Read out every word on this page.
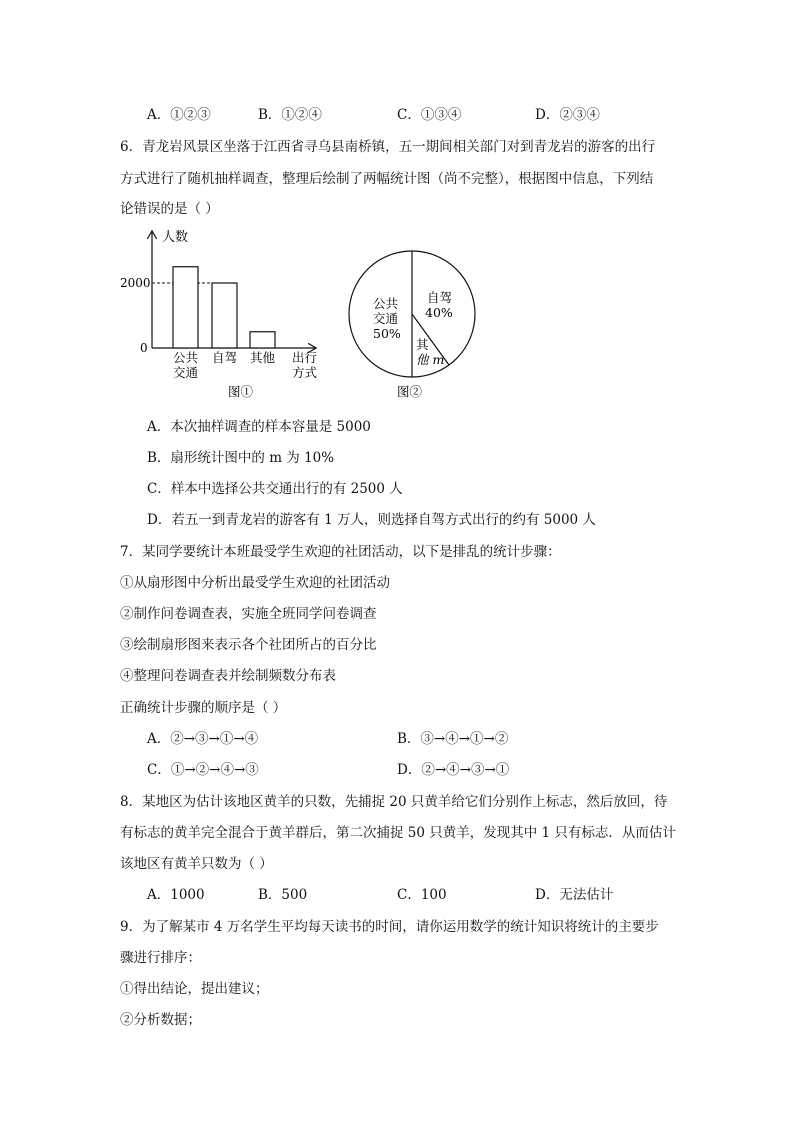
A．①②③	B．①②④	C．①③④	D．②③④
6．青龙岩风景区坐落于江西省寻乌县南桥镇，五一期间相关部门对到青龙岩的游客的出行
方式进行了随机抽样调查，整理后绘制了两幅统计图（尚不完整），根据图中信息，下列结
论错误的是（ ）
人数
2000
0
公共
交通
自驾 其他 出行
方式
图①
公共
交通
50%
自驾
40%
其
他 m
图②
A．本次抽样调查的样本容量是 5000
B．扇形统计图中的 m 为 10%
C．样本中选择公共交通出行的有 2500 人
D．若五一到青龙岩的游客有 1 万人，则选择自驾方式出行的约有 5000 人
7．某同学要统计本班最受学生欢迎的社团活动，以下是排乱的统计步骤：
①从扇形图中分析出最受学生欢迎的社团活动
②制作问卷调查表，实施全班同学问卷调查
③绘制扇形图来表示各个社团所占的百分比
④整理问卷调查表并绘制频数分布表
正确统计步骤的顺序是（ ）
A．②→③→①→④	B．③→④→①→②
C．①→②→④→③	D．②→④→③→①
8．某地区为估计该地区黄羊的只数，先捕捉 20 只黄羊给它们分别作上标志，然后放回，待
有标志的黄羊完全混合于黄羊群后，第二次捕捉 50 只黄羊，发现其中 1 只有标志．从而估计
该地区有黄羊只数为（ ）
A．1000	B．500	C．100	D．无法估计
9．为了解某市 4 万名学生平均每天读书的时间，请你运用数学的统计知识将统计的主要步
骤进行排序：
①得出结论，提出建议；
②分析数据；
